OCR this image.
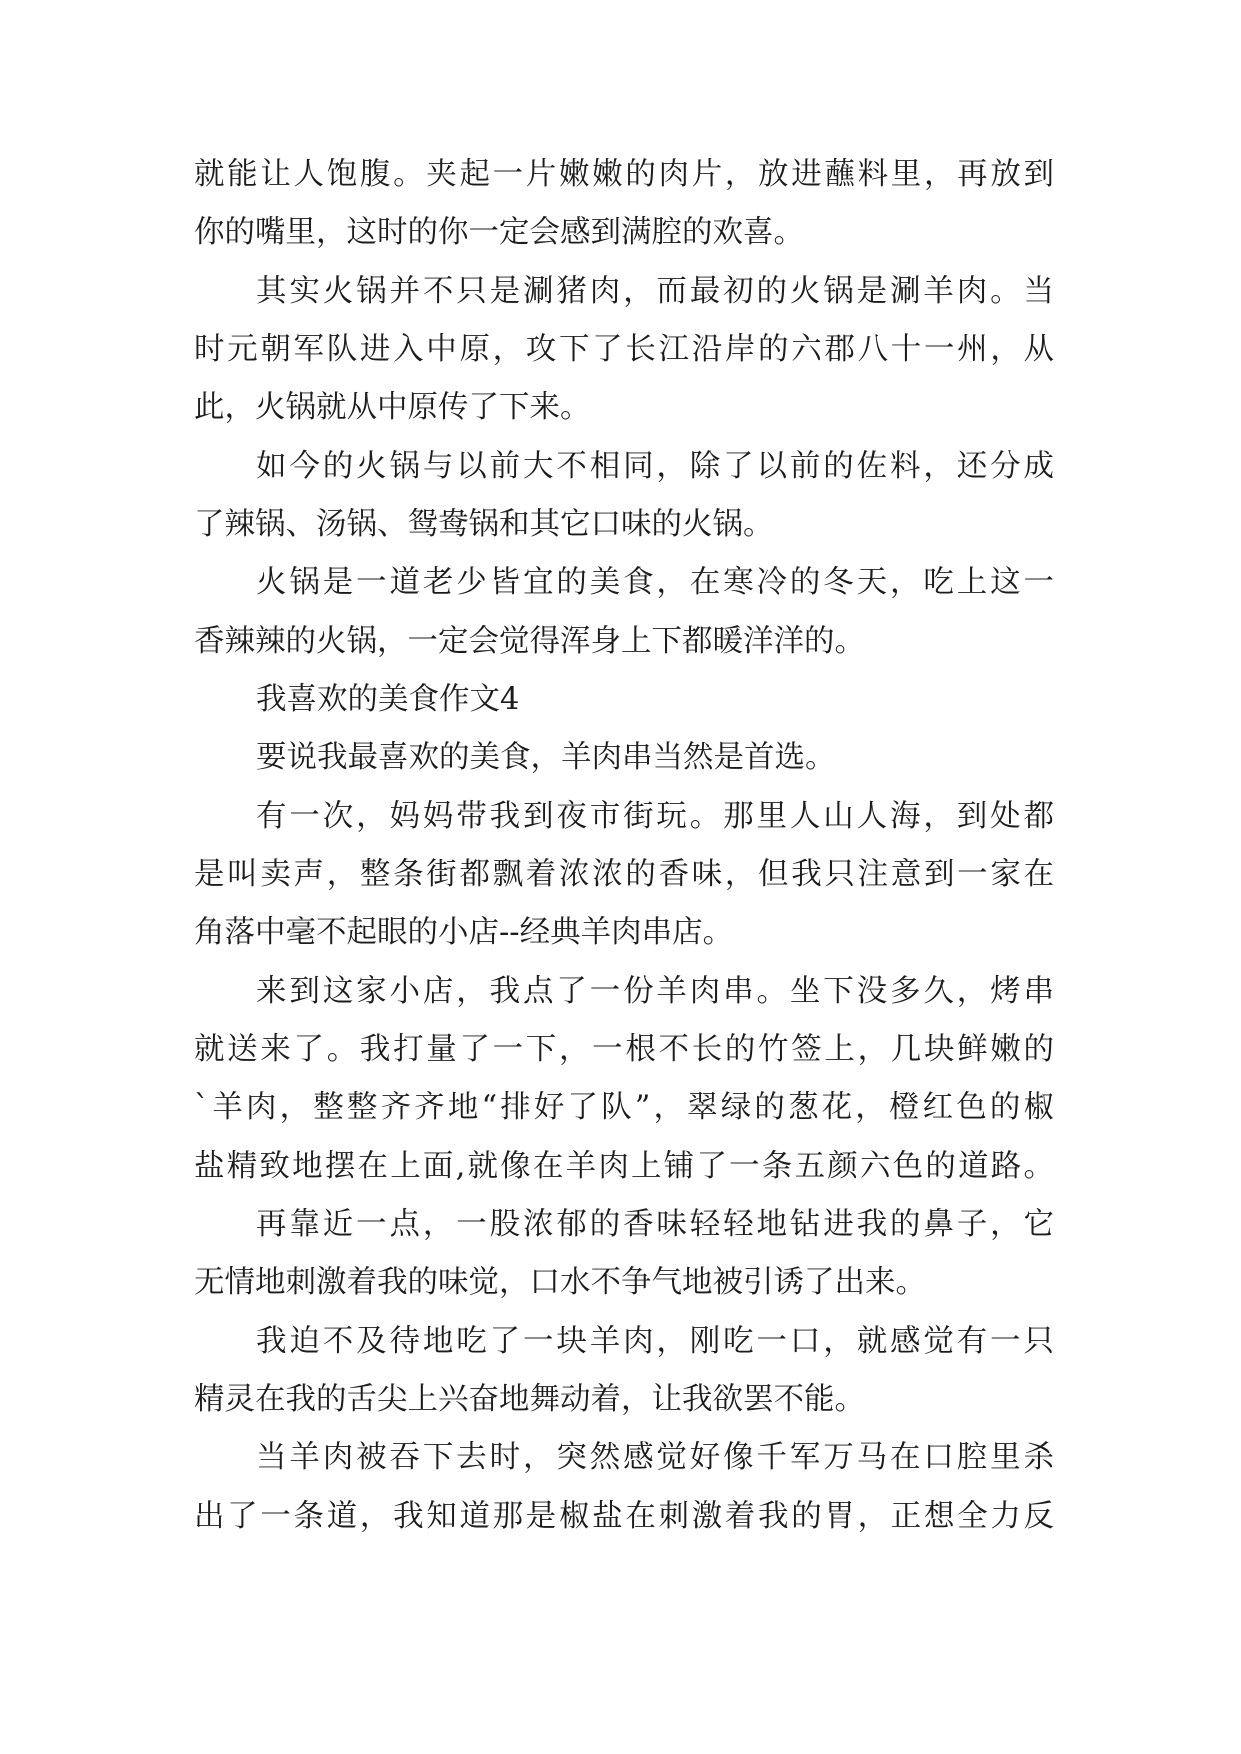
就能让人饱腹。夹起一片嫩嫩的肉片，放进蘸料里，再放到
你的嘴里，这时的你一定会感到满腔的欢喜。
其实火锅并不只是涮猪肉，而最初的火锅是涮羊肉。当
时元朝军队进入中原，攻下了长江沿岸的六郡八十一州，从
此，火锅就从中原传了下来。
如今的火锅与以前大不相同，除了以前的佐料，还分成
了辣锅、汤锅、鸳鸯锅和其它口味的火锅。
火锅是一道老少皆宜的美食，在寒冷的冬天，吃上这一
香辣辣的火锅，一定会觉得浑身上下都暖洋洋的。
我喜欢的美食作文4
要说我最喜欢的美食，羊肉串当然是首选。
有一次，妈妈带我到夜市街玩。那里人山人海，到处都
是叫卖声，整条街都飘着浓浓的香味，但我只注意到一家在
角落中毫不起眼的小店--经典羊肉串店。
来到这家小店，我点了一份羊肉串。坐下没多久，烤串
就送来了。我打量了一下，一根不长的竹签上，几块鲜嫩的
`羊肉，整整齐齐地“排好了队”，翠绿的葱花，橙红色的椒
盐精致地摆在上面,就像在羊肉上铺了一条五颜六色的道路。
再靠近一点，一股浓郁的香味轻轻地钻进我的鼻子，它
无情地刺激着我的味觉，口水不争气地被引诱了出来。
我迫不及待地吃了一块羊肉，刚吃一口，就感觉有一只
精灵在我的舌尖上兴奋地舞动着，让我欲罢不能。
当羊肉被吞下去时，突然感觉好像千军万马在口腔里杀
出了一条道，我知道那是椒盐在刺激着我的胃，正想全力反
